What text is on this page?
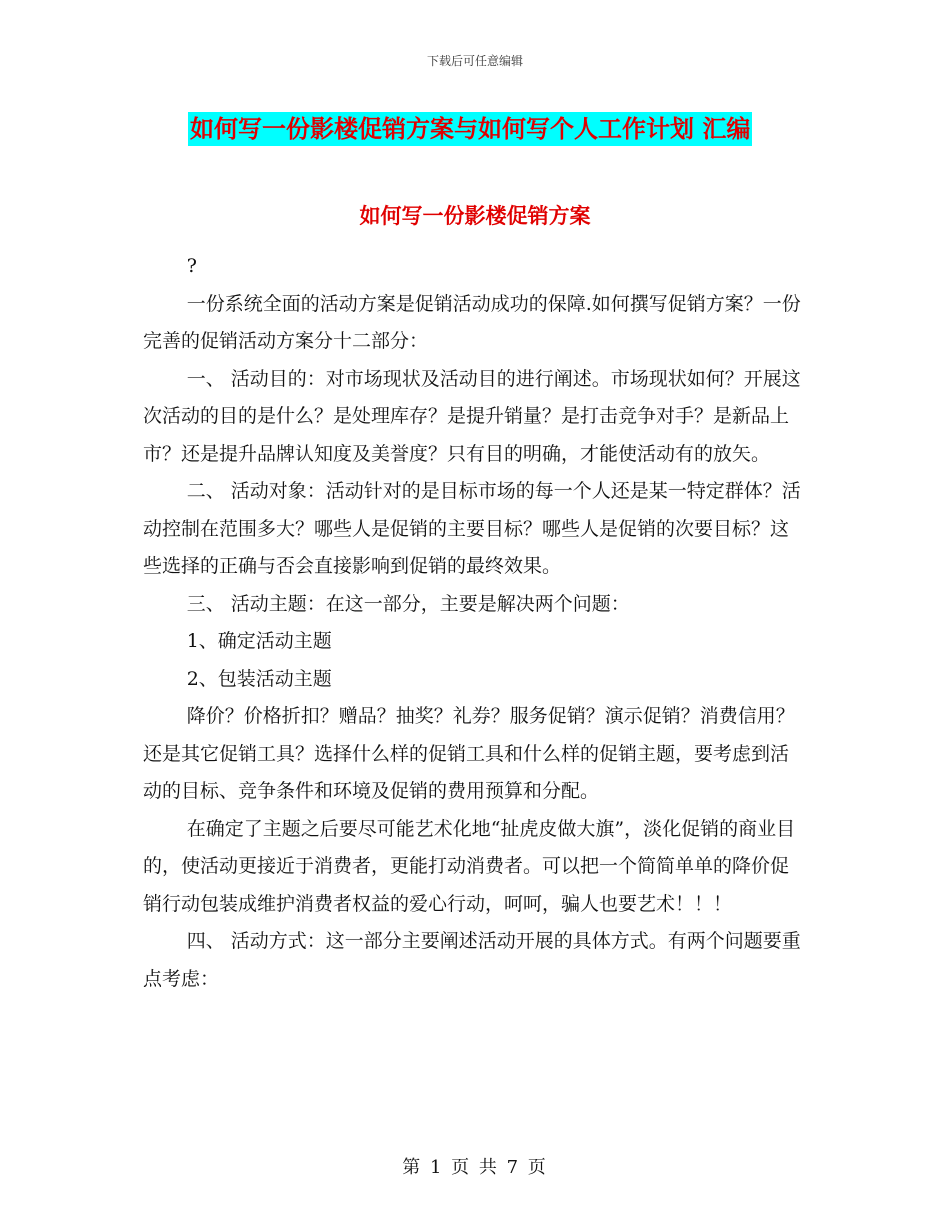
下载后可任意编辑
如何写一份影楼促销方案与如何写个人工作计划 汇编
如何写一份影楼促销方案

?

一份系统全面的活动方案是促销活动成功的保障.如何撰写促销方案？一份完善的促销活动方案分十二部分：

一、 活动目的：对市场现状及活动目的进行阐述。市场现状如何？开展这次活动的目的是什么？是处理库存？是提升销量？是打击竞争对手？是新品上市？还是提升品牌认知度及美誉度？只有目的明确，才能使活动有的放矢。

二、 活动对象：活动针对的是目标市场的每一个人还是某一特定群体？活动控制在范围多大？哪些人是促销的主要目标？哪些人是促销的次要目标？这些选择的正确与否会直接影响到促销的最终效果。

三、 活动主题：在这一部分，主要是解决两个问题：

1、确定活动主题

2、包装活动主题

降价？价格折扣？赠品？抽奖？礼券？服务促销？演示促销？消费信用？还是其它促销工具？选择什么样的促销工具和什么样的促销主题，要考虑到活动的目标、竞争条件和环境及促销的费用预算和分配。

在确定了主题之后要尽可能艺术化地“扯虎皮做大旗”，淡化促销的商业目的，使活动更接近于消费者，更能打动消费者。可以把一个简简单单的降价促销行动包装成维护消费者权益的爱心行动，呵呵，骗人也要艺术！！！

四、 活动方式：这一部分主要阐述活动开展的具体方式。有两个问题要重点考虑：

第 1 页 共 7 页
